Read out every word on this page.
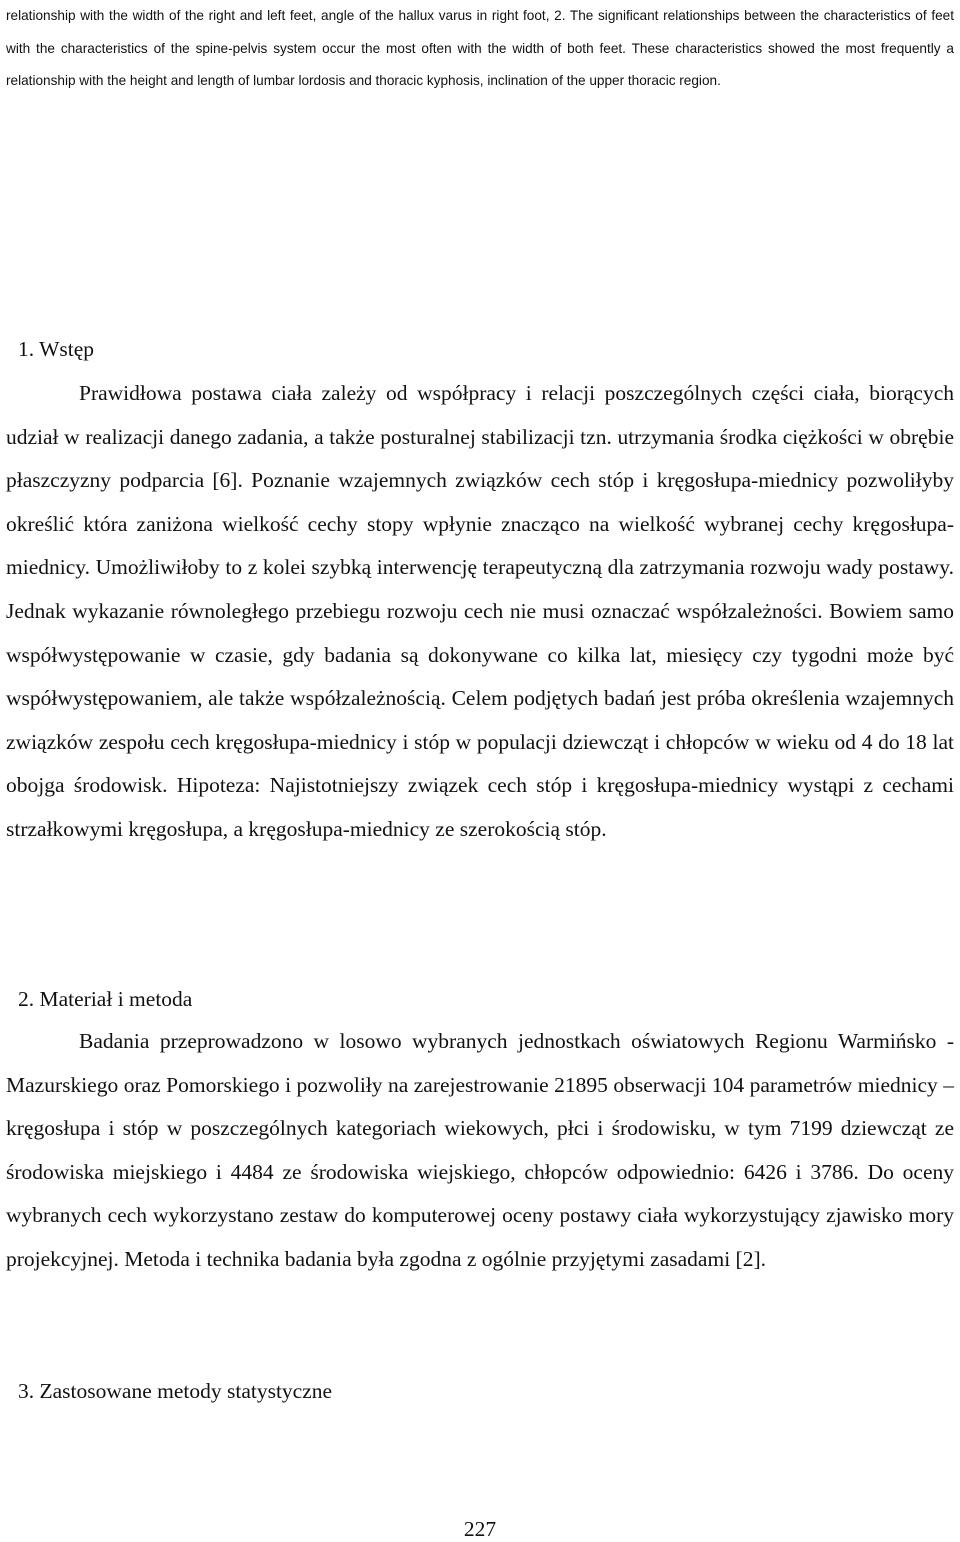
relationship with the width of the right and left feet, angle of the hallux varus in right foot, 2. The significant relationships between the characteristics of feet with the characteristics of the spine-pelvis system occur the most often with the width of both feet. These characteristics showed the most frequently a relationship with the height and length of lumbar lordosis and thoracic kyphosis, inclination of the upper thoracic region.

1. Wstęp

Prawidłowa postawa ciała zależy od współpracy i relacji poszczególnych części ciała, biorących udział w realizacji danego zadania, a także posturalnej stabilizacji tzn. utrzymania środka ciężkości w obrębie płaszczyzny podparcia [6]. Poznanie wzajemnych związków cech stóp i kręgosłupa-miednicy pozwoliłyby określić która zaniżona wielkość cechy stopy wpłynie znacząco na wielkość wybranej cechy kręgosłupa-miednicy. Umożliwiłoby to z kolei szybką interwencję terapeutyczną dla zatrzymania rozwoju wady postawy. Jednak wykazanie równoległego przebiegu rozwoju cech nie musi oznaczać współzależności. Bowiem samo współwystępowanie w czasie, gdy badania są dokonywane co kilka lat, miesięcy czy tygodni może być współwystępowaniem, ale także współzależnością. Celem podjętych badań jest próba określenia wzajemnych związków zespołu cech kręgosłupa-miednicy i stóp w populacji dziewcząt i chłopców w wieku od 4 do 18 lat obojga środowisk. Hipoteza: Najistotniejszy związek cech stóp i kręgosłupa-miednicy wystąpi z cechami strzałkowymi kręgosłupa, a kręgosłupa-miednicy ze szerokością stóp.

2. Materiał i metoda

Badania przeprowadzono w losowo wybranych jednostkach oświatowych Regionu Warmińsko - Mazurskiego oraz Pomorskiego i pozwoliły na zarejestrowanie 21895 obserwacji 104 parametrów miednicy – kręgosłupa i stóp w poszczególnych kategoriach wiekowych, płci i środowisku, w tym 7199 dziewcząt ze środowiska miejskiego i 4484 ze środowiska wiejskiego, chłopców odpowiednio: 6426 i 3786. Do oceny wybranych cech wykorzystano zestaw do komputerowej oceny postawy ciała wykorzystujący zjawisko mory projekcyjnej. Metoda i technika badania była zgodna z ogólnie przyjętymi zasadami [2].

3. Zastosowane metody statystyczne
227
